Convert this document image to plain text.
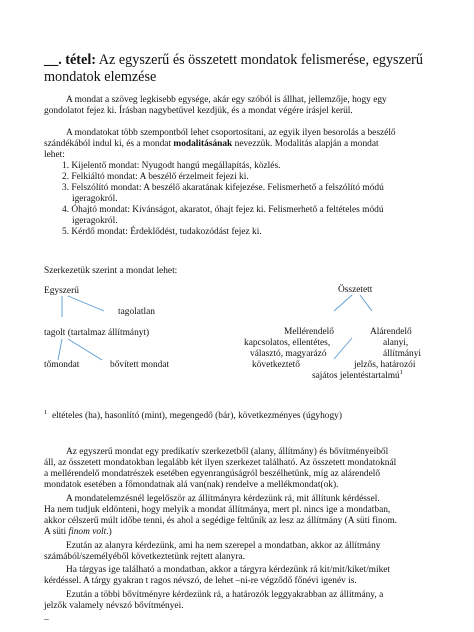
__. tétel: Az egyszerű és összetett mondatok felismerése, egyszerű
mondatok elemzése
A mondat a szöveg legkisebb egysége, akár egy szóból is állhat, jellemzője, hogy egy
gondolatot fejez ki. Írásban nagybetűvel kezdjük, és a mondat végére írásjel kerül.
A mondatokat több szempontból lehet csoportosítani, az egyik ilyen besorolás a beszélő
szándékából indul ki, és a mondat modalitásának nevezzük. Modalitás alapján a mondat
lehet:
1. Kijelentő mondat: Nyugodt hangú megállapítás, közlés.
2. Felkiáltó mondat: A beszélő érzelmeit fejezi ki.
3. Felszólító mondat: A beszélő akaratának kifejezése. Felismerhető a felszólító módú
igeragokról.
4. Óhajtó mondat: Kívánságot, akaratot, óhajt fejez ki. Felismerhető a feltételes módú
igeragokról.
5. Kérdő mondat: Érdeklődést, tudakozódást fejez ki.
Szerkezetük szerint a mondat lehet:
Egyszerű	Összetett
tagolatlan
tagolt (tartalmaz állítmányt)	Mellérendelő	Alárendelő
kapcsolatos, ellentétes,	alanyi,
választó, magyarázó	állítmányi
tőmondat	bővített mondat	következtető	jelzős, határozói
sajátos jelentéstartalmú$^1$
$^1$ eltételes (ha), hasonlító (mint), megengedő (bár), következményes (úgyhogy)
Az egyszerű mondat egy predikatív szerkezetből (alany, állítmány) és bővítményeiből
áll, az összetett mondatokban legalább két ilyen szerkezet található. Az összetett mondatoknál
a mellérendelő mondatrészek esetében egyenrangúságról beszélhetünk, míg az alárendelő
mondatok esetében a főmondatnak alá van(nak) rendelve a mellékmondat(ok).
A mondatelemzésnél legelőször az állítmányra kérdezünk rá, mit állítunk kérdéssel.
Ha nem tudjuk eldönteni, hogy melyik a mondat állítmánya, mert pl. nincs ige a mondatban,
akkor célszerű múlt időbe tenni, és ahol a segédige feltűnik az lesz az állítmány (A süti finom.
A süti finom volt.)
Ezután az alanyra kérdezünk, ami ha nem szerepel a mondatban, akkor az állítmány
számából/személyéből következtetünk rejtett alanyra.
Ha tárgyas ige található a mondatban, akkor a tárgyra kérdezünk rá kit/mit/kiket/miket
kérdéssel. A tárgy gyakran t ragos névszó, de lehet –ni-re végződő főnévi igenév is.
Ezután a többi bővítményre kérdezünk rá, a határozók leggyakrabban az állítmány, a
jelzők valamely névszó bővítményei.
_
